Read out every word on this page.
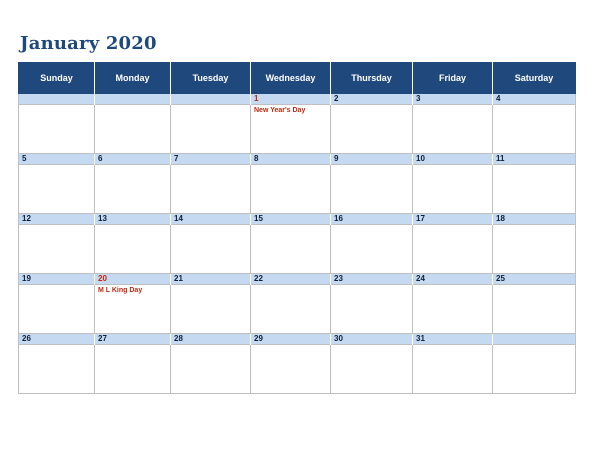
January 2020
Sunday	Monday	Tuesday	Wednesday	Thursday	Friday	Saturday
			1	2	3	4
			New Year's Day			
5	6	7	8	9	10	11

12	13	14	15	16	17	18

19	20	21	22	23	24	25
	M L King Day					
26	27	28	29	30	31	
